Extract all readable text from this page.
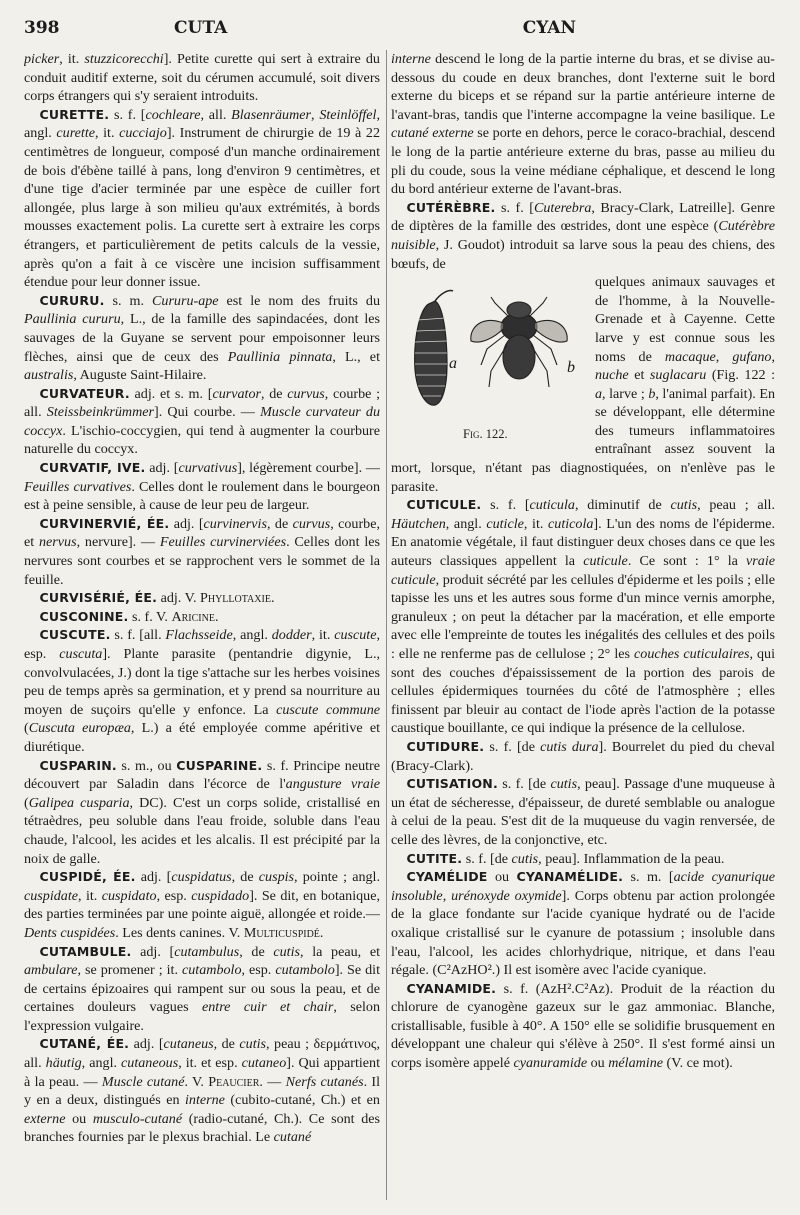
398	CUTA	CYAN

picker, it. stuzzicorecchi]. Petite curette qui sert à extraire du conduit auditif externe, soit du cérumen accumulé, soit divers corps étrangers qui s'y seraient introduits.

CURETTE. s. f. [cochleare, all. Blasenräumer, Steinlöffel, angl. curette, it. cucciajo]. Instrument de chirurgie de 19 à 22 centimètres de longueur, composé d'un manche ordinairement de bois d'ébène taillé à pans, long d'environ 9 centimètres, et d'une tige d'acier terminée par une espèce de cuiller fort allongée, plus large à son milieu qu'aux extrémités, à bords mousses exactement polis. La curette sert à extraire les corps étrangers, et particulièrement de petits calculs de la vessie, après qu'on a fait à ce viscère une incision suffisamment étendue pour leur donner issue.

CURURU. s. m. Cururu-ape est le nom des fruits du Paullinia cururu, L., de la famille des sapindacées, dont les sauvages de la Guyane se servent pour empoisonner leurs flèches, ainsi que de ceux des Paullinia pinnata, L., et australis, Auguste Saint-Hilaire.

CURVATEUR. adj. et s. m. [curvator, de curvus, courbe ; all. Steissbeinkrümmer]. Qui courbe. — Muscle curvateur du coccyx. L'ischio-coccygien, qui tend à augmenter la courbure naturelle du coccyx.

CURVATIF, IVE. adj. [curvativus], légèrement courbe]. —Feuilles curvatives. Celles dont le roulement dans le bourgeon est à peine sensible, à cause de leur peu de largeur.

CURVINERVIÉ, ÉE. adj. [curvinervis, de curvus, courbe, et nervus, nervure]. — Feuilles curvinerviées. Celles dont les nervures sont courbes et se rapprochent vers le sommet de la feuille.

CURVISÉRIÉ, ÉE. adj. V. Phyllotaxie.

CUSCONINE. s. f. V. Aricine.

CUSCUTE. s. f. [all. Flachsseide, angl. dodder, it. cuscute, esp. cuscuta]. Plante parasite (pentandrie digynie, L., convolvulacées, J.) dont la tige s'attache sur les herbes voisines peu de temps après sa germination, et y prend sa nourriture au moyen de suçoirs qu'elle y enfonce. La cuscute commune (Cuscuta europæa, L.) a été employée comme apéritive et diurétique.

CUSPARIN. s. m., ou CUSPARINE. s. f. Principe neutre découvert par Saladin dans l'écorce de l'angusture vraie (Galipea cusparia, DC). C'est un corps solide, cristallisé en tétraèdres, peu soluble dans l'eau froide, soluble dans l'eau chaude, l'alcool, les acides et les alcalis. Il est précipité par la noix de galle.

CUSPIDÉ, ÉE. adj. [cuspidatus, de cuspis, pointe ; angl. cuspidate, it. cuspidato, esp. cuspidado]. Se dit, en botanique, des parties terminées par une pointe aiguë, allongée et roide.—Dents cuspidées. Les dents canines. V. Multicuspidé.

CUTAMBULE. adj. [cutambulus, de cutis, la peau, et ambulare, se promener ; it. cutambolo, esp. cutambolo]. Se dit de certains épizoaires qui rampent sur ou sous la peau, et de certaines douleurs vagues entre cuir et chair, selon l'expression vulgaire.

CUTANÉ, ÉE. adj. [cutaneus, de cutis, peau ; δερμάτινος, all. häutig, angl. cutaneous, it. et esp. cutaneo]. Qui appartient à la peau. — Muscle cutané. V. Peaucier. — Nerfs cutanés. Il y en a deux, distingués en interne (cubito-cutané, Ch.) et en externe ou musculo-cutané (radio-cutané, Ch.). Ce sont des branches fournies par le plexus brachial. Le cutané

interne descend le long de la partie interne du bras, et se divise au-dessous du coude en deux branches, dont l'externe suit le bord externe du biceps et se répand sur la partie antérieure interne de l'avant-bras, tandis que l'interne accompagne la veine basilique. Le cutané externe se porte en dehors, perce le coraco-brachial, descend le long de la partie antérieure externe du bras, passe au milieu du pli du coude, sous la veine médiane céphalique, et descend le long du bord antérieur externe de l'avant-bras.

CUTÉRÈBRE. s. f. [Cuterebra, Bracy-Clark, Latreille]. Genre de diptères de la famille des œstrides, dont une espèce (Cutérèbre nuisible, J. Goudot) introduit sa larve sous la peau des chiens, des bœufs, de

a	b
Fig. 122.

quelques animaux sauvages et de l'homme, à la Nouvelle-Grenade et à Cayenne. Cette larve y est connue sous les noms de macaque, gufano, nuche et suglacaru (Fig. 122 : a, larve ; b, l'animal parfait). En se développant, elle détermine des tumeurs inflammatoires entraînant assez souvent la mort, lorsque, n'étant pas diagnostiquées, on n'enlève pas le parasite.

CUTICULE. s. f. [cuticula, diminutif de cutis, peau ; all. Häutchen, angl. cuticle, it. cuticola]. L'un des noms de l'épiderme. En anatomie végétale, il faut distinguer deux choses dans ce que les auteurs classiques appellent la cuticule. Ce sont : 1° la vraie cuticule, produit sécrété par les cellules d'épiderme et les poils ; elle tapisse les uns et les autres sous forme d'un mince vernis amorphe, granuleux ; on peut la détacher par la macération, et elle emporte avec elle l'empreinte de toutes les inégalités des cellules et des poils : elle ne renferme pas de cellulose ; 2° les couches cuticulaires, qui sont des couches d'épaississement de la portion des parois de cellules épidermiques tournées du côté de l'atmosphère ; elles finissent par bleuir au contact de l'iode après l'action de la potasse caustique bouillante, ce qui indique la présence de la cellulose.

CUTIDURE. s. f. [de cutis dura]. Bourrelet du pied du cheval (Bracy-Clark).

CUTISATION. s. f. [de cutis, peau]. Passage d'une muqueuse à un état de sécheresse, d'épaisseur, de dureté semblable ou analogue à celui de la peau. S'est dit de la muqueuse du vagin renversée, de celle des lèvres, de la conjonctive, etc.

CUTITE. s. f. [de cutis, peau]. Inflammation de la peau.

CYAMÉLIDE ou CYANAMÉLIDE. s. m. [acide cyanurique insoluble, urénoxyde oxymide]. Corps obtenu par action prolongée de la glace fondante sur l'acide cyanique hydraté ou de l'acide oxalique cristallisé sur le cyanure de potassium ; insoluble dans l'eau, l'alcool, les acides chlorhydrique, nitrique, et dans l'eau régale. (C²AzHO².) Il est isomère avec l'acide cyanique.

CYANAMIDE. s. f. (AzH².C²Az). Produit de la réaction du chlorure de cyanogène gazeux sur le gaz ammoniac. Blanche, cristallisable, fusible à 40°. A 150° elle se solidifie brusquement en développant une chaleur qui s'élève à 250°. Il s'est formé ainsi un corps isomère appelé cyanuramide ou mélamine (V. ce mot).
